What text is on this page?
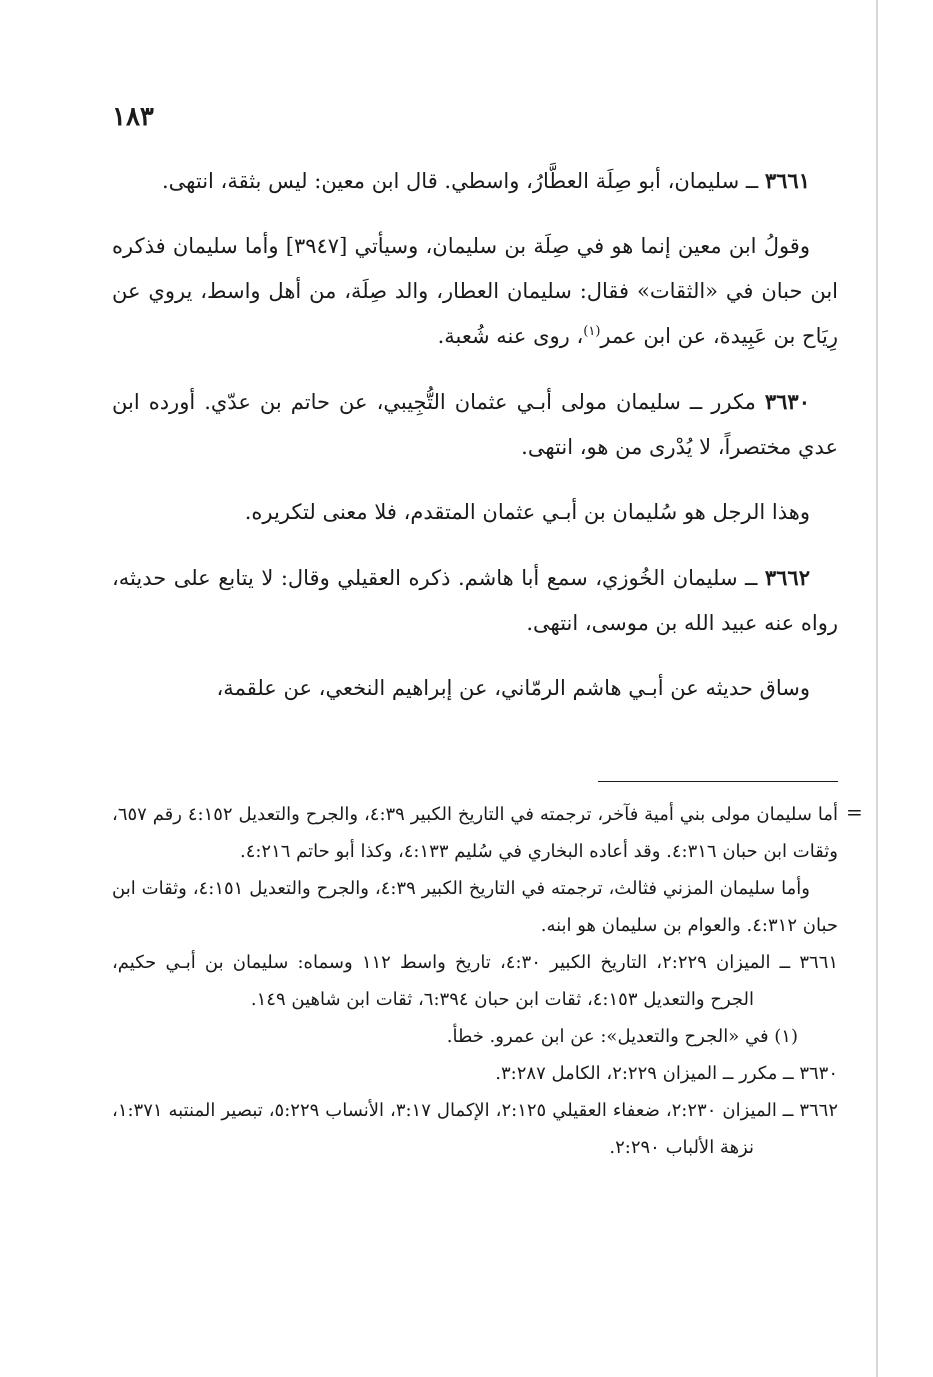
١٨٣

٣٦٦١ ــ سليمان، أبو صِلَة العطَّارُ، واسطي. قال ابن معين: ليس بثقة، انتهى.

وقولُ ابن معين إنما هو في صِلَة بن سليمان، وسيأتي [٣٩٤٧] وأما سليمان فذكره ابن حبان في «الثقات» فقال: سليمان العطار، والد صِلَة، من أهل واسط، يروي عن رِيَاح بن عَبِيدة، عن ابن عمر$^{(١)}$، روى عنه شُعبة.

٣٦٣٠ مكرر ــ سليمان مولى أبـي عثمان التُّجِيبي، عن حاتم بن عدّي. أورده ابن عدي مختصراً، لا يُدْرى من هو، انتهى.

وهذا الرجل هو سُليمان بن أبـي عثمان المتقدم، فلا معنى لتكريره.

٣٦٦٢ ــ سليمان الخُوزي، سمع أبا هاشم. ذكره العقيلي وقال: لا يتابع على حديثه، رواه عنه عبيد الله بن موسى، انتهى.

وساق حديثه عن أبـي هاشم الرمّاني، عن إبراهيم النخعي، عن علقمة،

=

أما سليمان مولى بني أمية فآخر، ترجمته في التاريخ الكبير ٤:٣٩، والجرح والتعديل ٤:١٥٢ رقم ٦٥٧، وثقات ابن حبان ٤:٣١٦. وقد أعاده البخاري في سُليم ٤:١٣٣، وكذا أبو حاتم ٤:٢١٦.

وأما سليمان المزني فثالث، ترجمته في التاريخ الكبير ٤:٣٩، والجرح والتعديل ٤:١٥١، وثقات ابن حبان ٤:٣١٢. والعوام بن سليمان هو ابنه.

٣٦٦١ ــ الميزان ٢:٢٢٩، التاريخ الكبير ٤:٣٠، تاريخ واسط ١١٢ وسماه: سليمان بن أبـي حكيم، الجرح والتعديل ٤:١٥٣، ثقات ابن حبان ٦:٣٩٤، ثقات ابن شاهين ١٤٩.

(١) في «الجرح والتعديل»: عن ابن عمرو. خطأ.

٣٦٣٠ ــ مكرر ــ الميزان ٢:٢٢٩، الكامل ٣:٢٨٧.

٣٦٦٢ ــ الميزان ٢:٢٣٠، ضعفاء العقيلي ٢:١٢٥، الإكمال ٣:١٧، الأنساب ٥:٢٢٩، تبصير المنتبه ١:٣٧١، نزهة الألباب ٢:٢٩٠.
